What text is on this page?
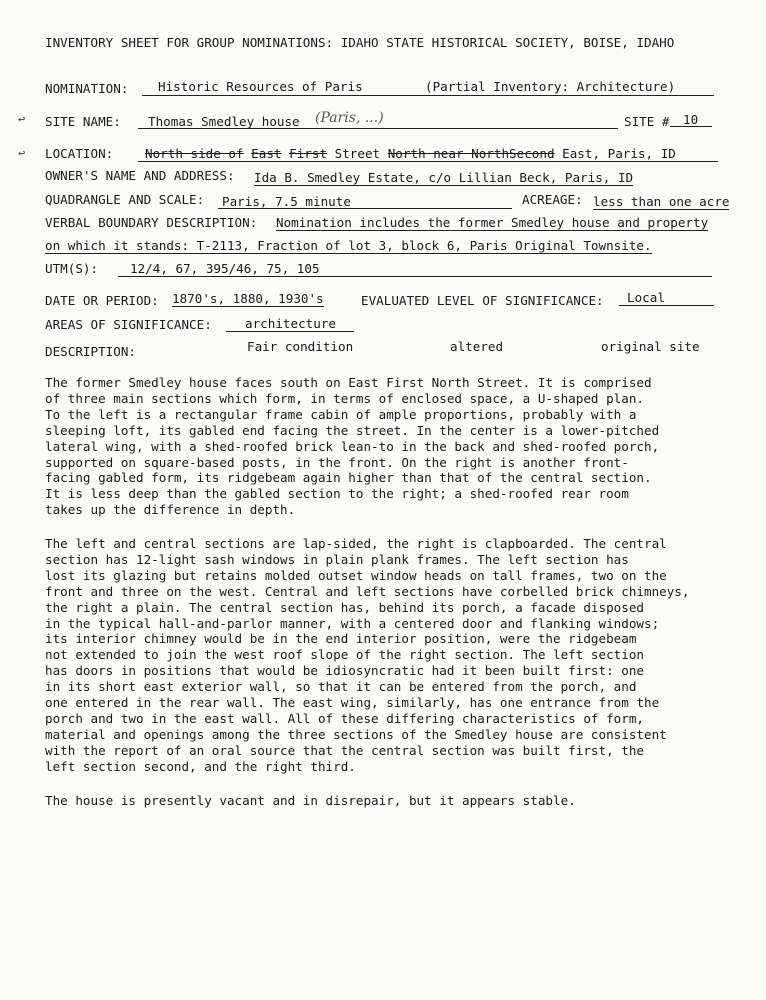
INVENTORY SHEET FOR GROUP NOMINATIONS: IDAHO STATE HISTORICAL SOCIETY, BOISE, IDAHO
NOMINATION: Historic Resources of Paris	(Partial Inventory: Architecture)
↩ SITE NAME: Thomas Smedley house (Paris, ...)	SITE # 10
↩ LOCATION:	North side of East First Street North near NorthSecond East, Paris, ID
OWNER'S NAME AND ADDRESS: Ida B. Smedley Estate, c/o Lillian Beck, Paris, ID
QUADRANGLE AND SCALE: Paris, 7.5 minute	ACREAGE: less than one acre
VERBAL BOUNDARY DESCRIPTION: Nomination includes the former Smedley house and property
on which it stands: T-2113, Fraction of lot 3, block 6, Paris Original Townsite.
UTM(S):	12/4, 67, 395/46, 75, 105
DATE OR PERIOD: 1870's, 1880, 1930's	EVALUATED LEVEL OF SIGNIFICANCE: Local
AREAS OF SIGNIFICANCE:	architecture
DESCRIPTION:	Fair condition	altered	original site
The former Smedley house faces south on East First North Street. It is comprised
of three main sections which form, in terms of enclosed space, a U-shaped plan.
To the left is a rectangular frame cabin of ample proportions, probably with a
sleeping loft, its gabled end facing the street. In the center is a lower-pitched
lateral wing, with a shed-roofed brick lean-to in the back and shed-roofed porch,
supported on square-based posts, in the front. On the right is another front-
facing gabled form, its ridgebeam again higher than that of the central section.
It is less deep than the gabled section to the right; a shed-roofed rear room
takes up the difference in depth.
The left and central sections are lap-sided, the right is clapboarded. The central
section has 12-light sash windows in plain plank frames. The left section has
lost its glazing but retains molded outset window heads on tall frames, two on the
front and three on the west. Central and left sections have corbelled brick chimneys,
the right a plain. The central section has, behind its porch, a facade disposed
in the typical hall-and-parlor manner, with a centered door and flanking windows;
its interior chimney would be in the end interior position, were the ridgebeam
not extended to join the west roof slope of the right section. The left section
has doors in positions that would be idiosyncratic had it been built first: one
in its short east exterior wall, so that it can be entered from the porch, and
one entered in the rear wall. The east wing, similarly, has one entrance from the
porch and two in the east wall. All of these differing characteristics of form,
material and openings among the three sections of the Smedley house are consistent
with the report of an oral source that the central section was built first, the
left section second, and the right third.
The house is presently vacant and in disrepair, but it appears stable.
